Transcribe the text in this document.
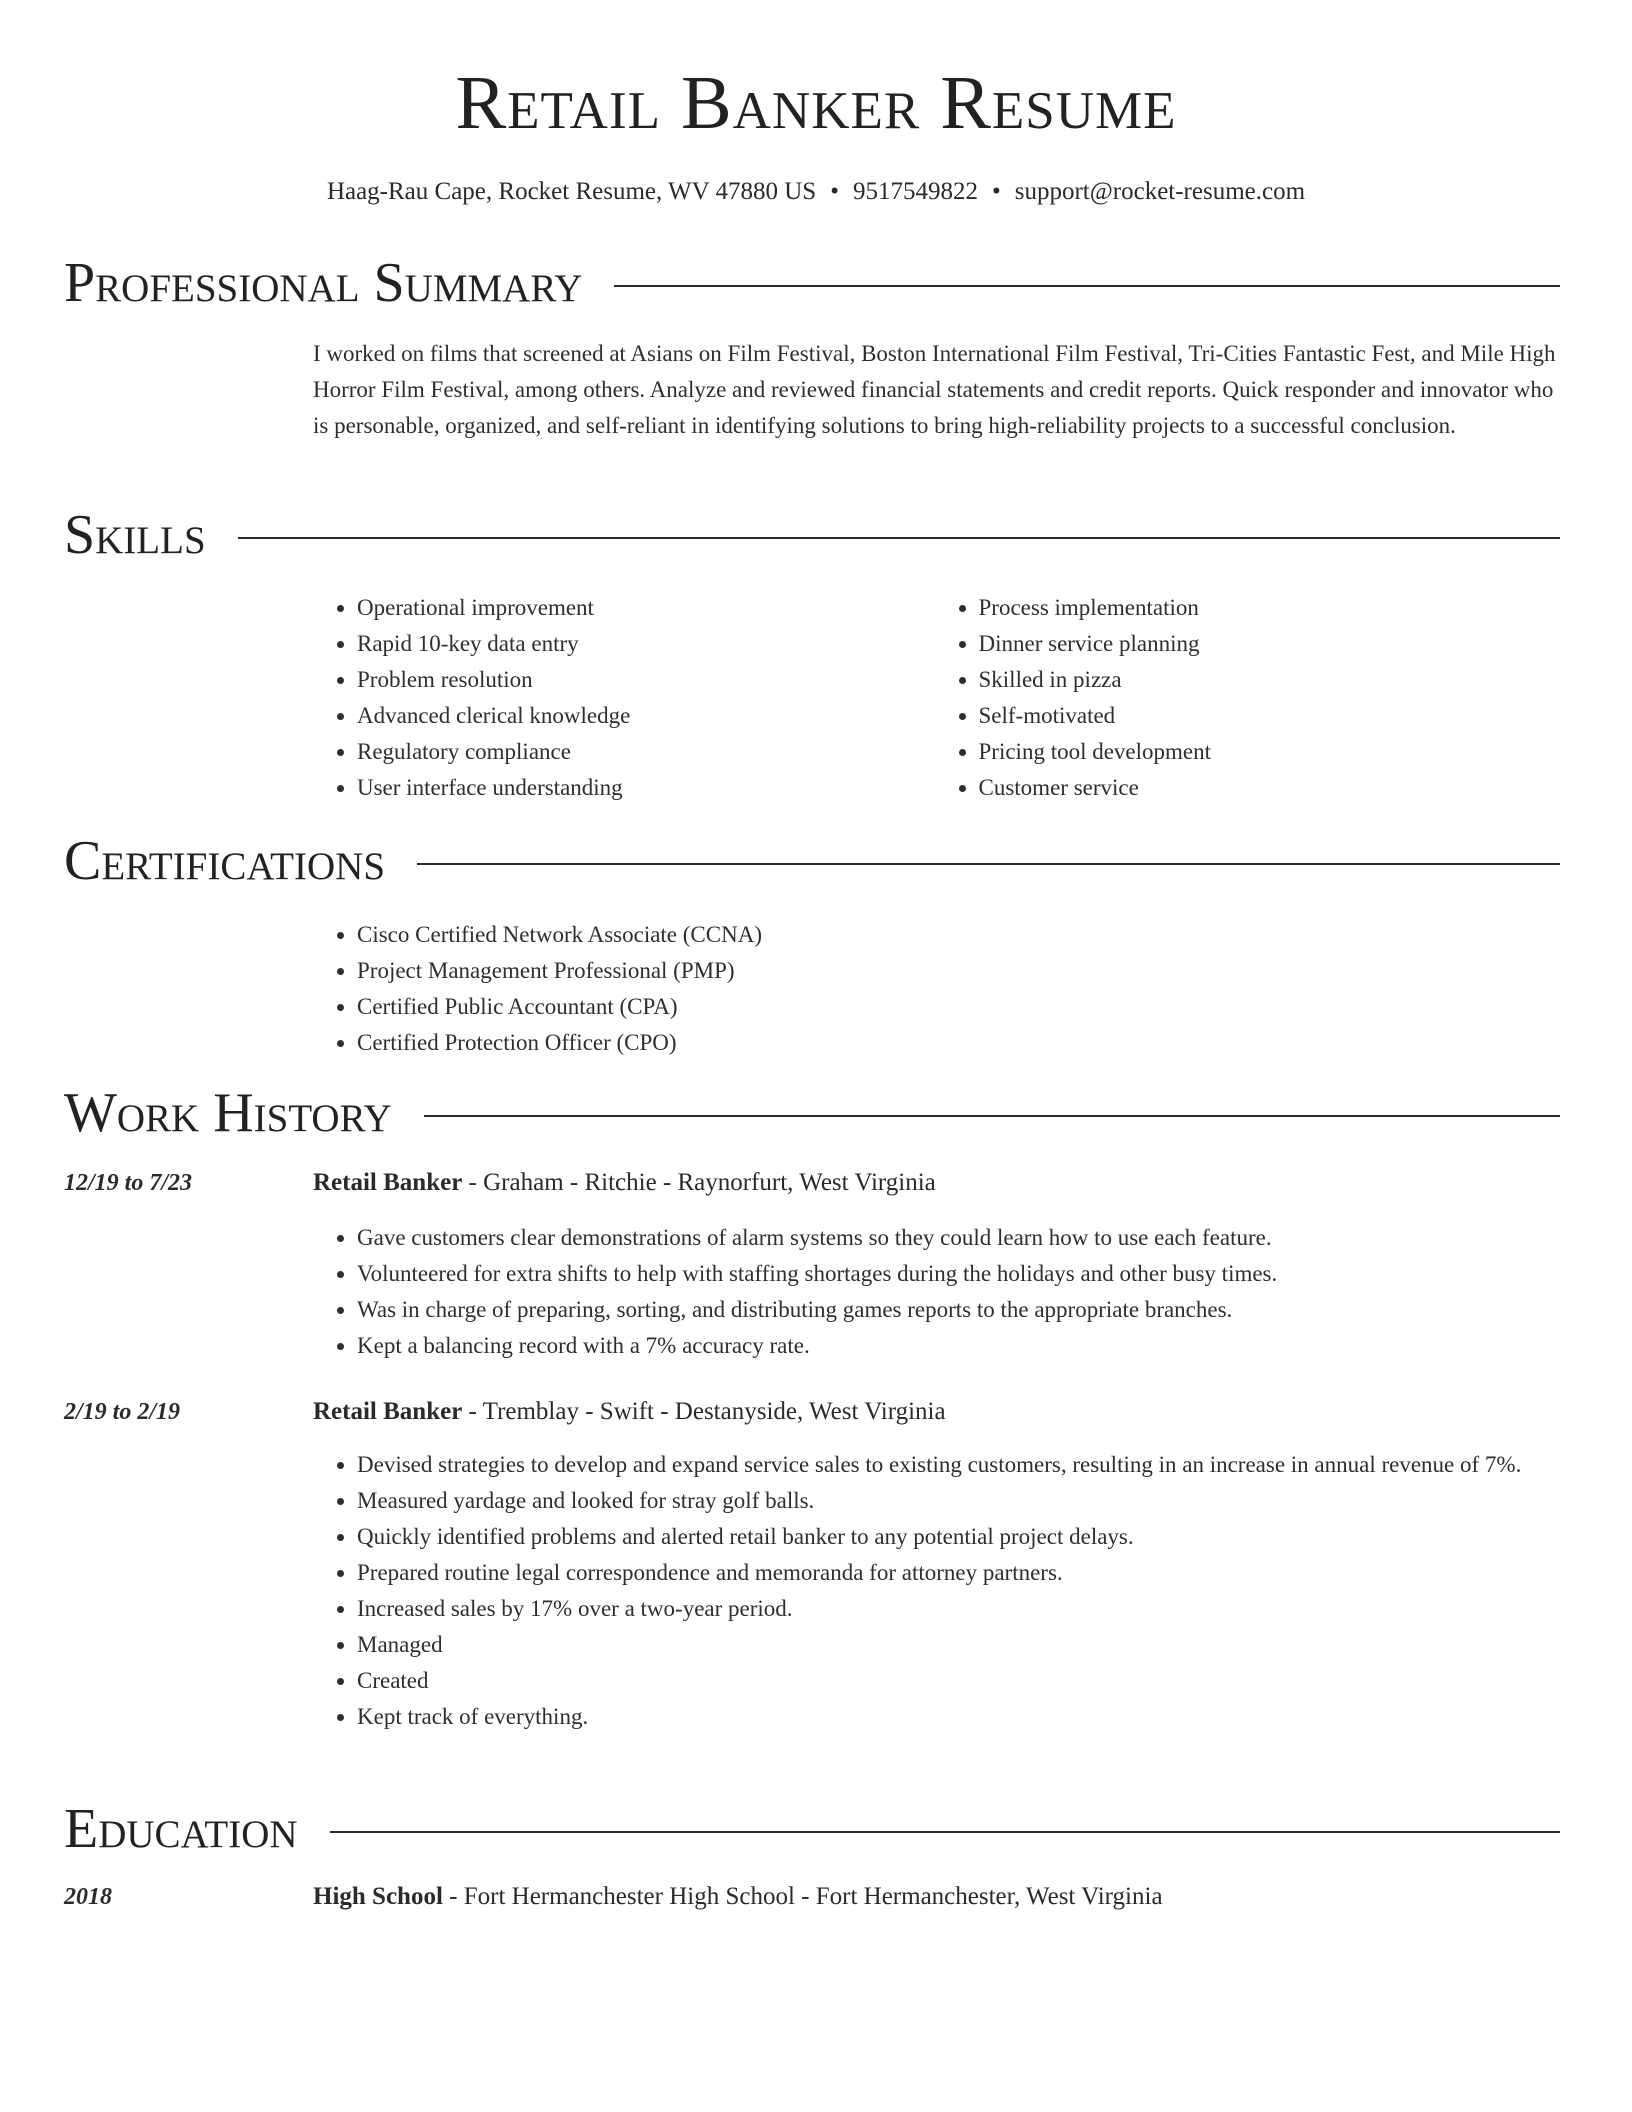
Retail Banker Resume
Haag-Rau Cape, Rocket Resume, WV 47880 US • 9517549822 • support@rocket-resume.com
Professional Summary
I worked on films that screened at Asians on Film Festival, Boston International Film Festival, Tri-Cities Fantastic Fest, and Mile High Horror Film Festival, among others. Analyze and reviewed financial statements and credit reports. Quick responder and innovator who is personable, organized, and self-reliant in identifying solutions to bring high-reliability projects to a successful conclusion.
Skills
• Operational improvement
• Rapid 10-key data entry
• Problem resolution
• Advanced clerical knowledge
• Regulatory compliance
• User interface understanding
• Process implementation
• Dinner service planning
• Skilled in pizza
• Self-motivated
• Pricing tool development
• Customer service
Certifications
• Cisco Certified Network Associate (CCNA)
• Project Management Professional (PMP)
• Certified Public Accountant (CPA)
• Certified Protection Officer (CPO)
Work History
12/19 to 7/23	Retail Banker - Graham - Ritchie - Raynorfurt, West Virginia
• Gave customers clear demonstrations of alarm systems so they could learn how to use each feature.
• Volunteered for extra shifts to help with staffing shortages during the holidays and other busy times.
• Was in charge of preparing, sorting, and distributing games reports to the appropriate branches.
• Kept a balancing record with a 7% accuracy rate.
2/19 to 2/19	Retail Banker - Tremblay - Swift - Destanyside, West Virginia
• Devised strategies to develop and expand service sales to existing customers, resulting in an increase in annual revenue of 7%.
• Measured yardage and looked for stray golf balls.
• Quickly identified problems and alerted retail banker to any potential project delays.
• Prepared routine legal correspondence and memoranda for attorney partners.
• Increased sales by 17% over a two-year period.
• Managed
• Created
• Kept track of everything.
Education
2018	High School - Fort Hermanchester High School - Fort Hermanchester, West Virginia
